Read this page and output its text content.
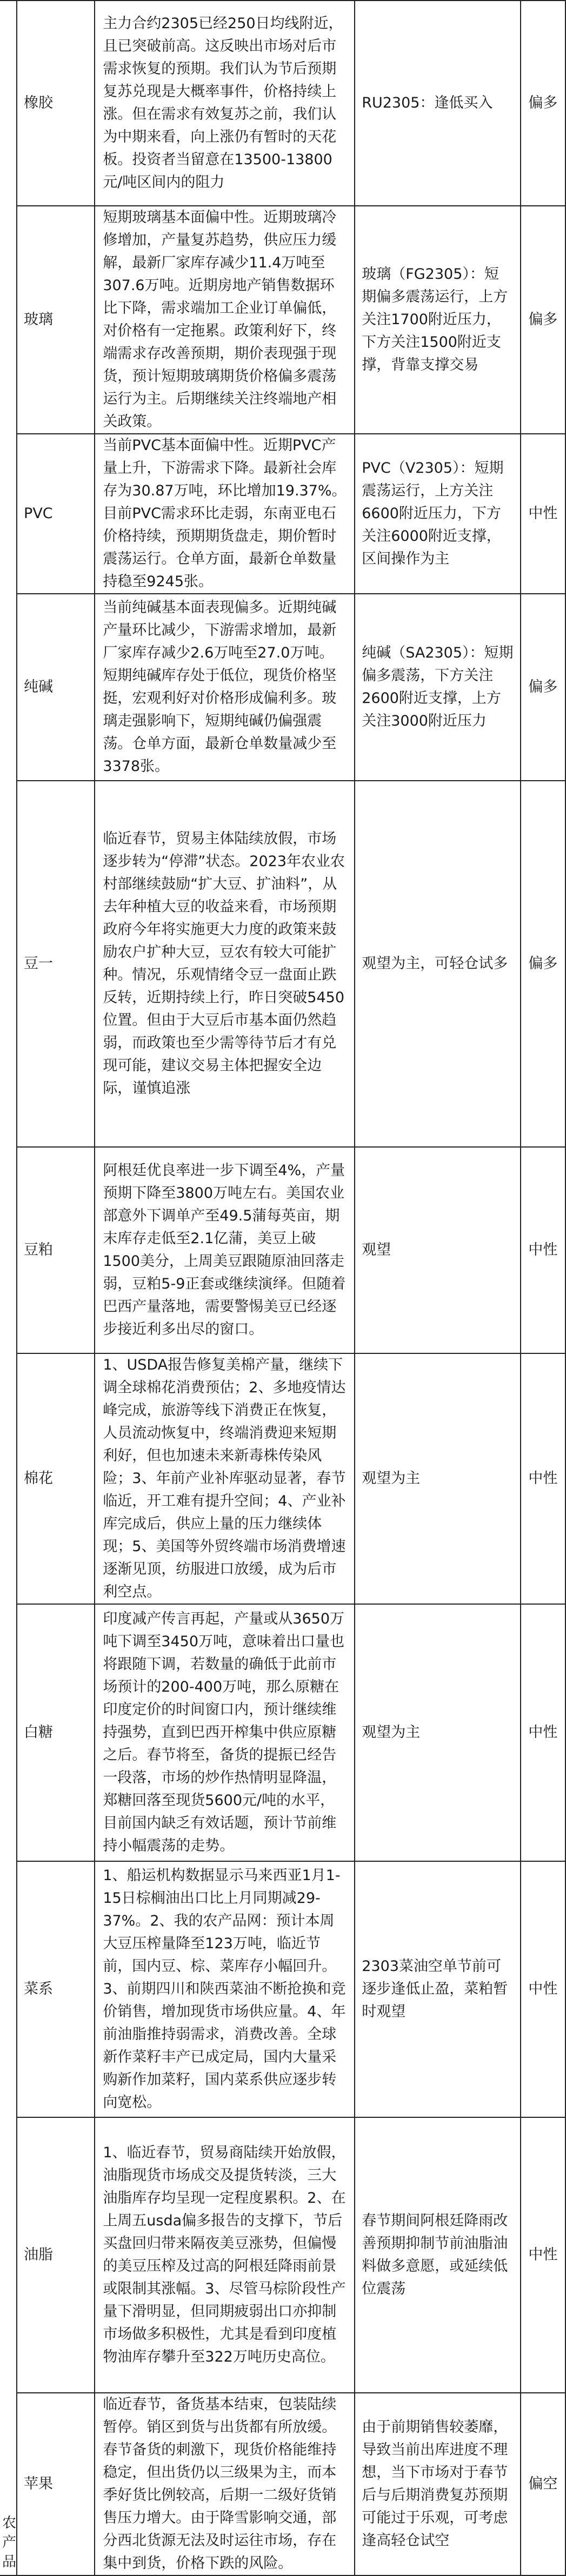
农产品	橡胶	主力合约2305已经250日均线附近，且已突破前高。这反映出市场对后市需求恢复的预期。我们认为节后预期复苏兑现是大概率事件，价格持续上涨。但在需求有效复苏之前，我们认为中期来看，向上涨仍有暂时的天花板。投资者当留意在13500-13800元/吨区间内的阻力	RU2305：逢低买入	偏多
	玻璃	短期玻璃基本面偏中性。近期玻璃冷修增加，产量复苏趋势，供应压力缓解，最新厂家库存减少11.4万吨至307.6万吨。近期房地产销售数据环比下降，需求端加工企业订单偏低，对价格有一定拖累。政策利好下，终端需求存改善预期，期价表现强于现货，预计短期玻璃期货价格偏多震荡运行为主。后期继续关注终端地产相关政策。	玻璃（FG2305）：短期偏多震荡运行，上方关注1700附近压力，下方关注1500附近支撑，背靠支撑交易	偏多
	PVC	当前PVC基本面偏中性。近期PVC产量上升，下游需求下降。最新社会库存为30.87万吨，环比增加19.37%。目前PVC需求环比走弱，东南亚电石价格持续，预期期货盘走，期价暂时震荡运行。仓单方面，最新仓单数量持稳至9245张。	PVC（V2305）：短期震荡运行，上方关注6600附近压力，下方关注6000附近支撑，区间操作为主	中性
	纯碱	当前纯碱基本面表现偏多。近期纯碱产量环比减少，下游需求增加，最新厂家库存减少2.6万吨至27.0万吨。短期纯碱库存处于低位，现货价格坚挺，宏观利好对价格形成偏利多。玻璃走强影响下，短期纯碱仍偏强震荡。仓单方面，最新仓单数量减少至3378张。	纯碱（SA2305）：短期偏多震荡，下方关注2600附近支撑，上方关注3000附近压力	偏多
	豆一	临近春节，贸易主体陆续放假，市场逐步转为“停滞”状态。2023年农业农村部继续鼓励“扩大豆、扩油料”，从去年种植大豆的收益来看，市场预期政府今年将实施更大力度的政策来鼓励农户扩种大豆，豆农有较大可能扩种。情况，乐观情绪令豆一盘面止跌反转，近期持续上行，昨日突破5450位置。但由于大豆后市基本面仍然趋弱，而政策也至少需等待节后才有兑现可能，建议交易主体把握安全边际，谨慎追涨	观望为主，可轻仓试多	偏多
	豆粕	阿根廷优良率进一步下调至4%，产量预期下降至3800万吨左右。美国农业部意外下调单产至49.5蒲每英亩，期末库存走低至2.1亿蒲，美豆上破1500美分，上周美豆跟随原油回落走弱，豆粕5-9正套或继续演绎。但随着巴西产量落地，需要警惕美豆已经逐步接近利多出尽的窗口。	观望	中性
	棉花	1、USDA报告修复美棉产量，继续下调全球棉花消费预估；2、多地疫情达峰完成，旅游等线下消费正在恢复，人员流动恢复中，终端消费迎来短期利好，但也加速未来新毒株传染风险；3、年前产业补库驱动显著，春节临近，开工难有提升空间；4、产业补库完成后，供应上量的压力继续体现；5、美国等外贸终端市场消费增速逐渐见顶，纺服进口放缓，成为后市利空点。	观望为主	中性
	白糖	印度减产传言再起，产量或从3650万吨下调至3450万吨，意味着出口量也将跟随下调，若数量的确低于此前市场预计的200-400万吨，那么原糖在印度定价的时间窗口内，预计继续维持强势，直到巴西开榨集中供应原糖之后。春节将至，备货的提振已经告一段落，市场的炒作热情明显降温，郑糖回落至现货5600元/吨的水平，目前国内缺乏有效话题，预计节前维持小幅震荡的走势。	观望为主	中性
	菜系	1、船运机构数据显示马来西亚1月1-15日棕榈油出口比上月同期减29-37%。2、我的农产品网：预计本周大豆压榨量降至123万吨，临近节前，国内豆、棕、菜库存小幅回升。3、前期四川和陕西菜油不断抢换和竞价销售，增加现货市场供应量。4、年前油脂推持弱需求，消费改善。全球新作菜籽丰产已成定局，国内大量采购新作加菜籽，国内菜系供应逐步转向宽松。	2303菜油空单节前可逐步逢低止盈，菜粕暂时观望	中性
	油脂	1、临近春节，贸易商陆续开始放假，油脂现货市场成交及提货转淡，三大油脂库存均呈现一定程度累积。2、在上周五usda偏多报告的支撑下，节后买盘回归带来隔夜美豆涨势，但偏慢的美豆压榨及过高的阿根廷降雨前景或限制其涨幅。3、尽管马棕阶段性产量下滑明显，但同期疲弱出口亦抑制市场做多积极性，尤其是看到印度植物油库存攀升至322万吨历史高位。	春节期间阿根廷降雨改善预期抑制节前油脂油料做多意愿，或延续低位震荡	中性
	苹果	临近春节，备货基本结束，包装陆续暂停。销区到货与出货都有所放缓。春节备货的刺激下，现货价格能维持稳定，但出货仍以三级果为主，而本季好货比例较高，后期一二级好货销售压力增大。由于降雪影响交通，部分西北货源无法及时运往市场，存在集中到货，价格下跌的风险。	由于前期销售较萎靡，导致当前出库进度不理想，当下市场对于春节后与后期消费复苏预期可能过于乐观，可考虑逢高轻仓试空	偏空
